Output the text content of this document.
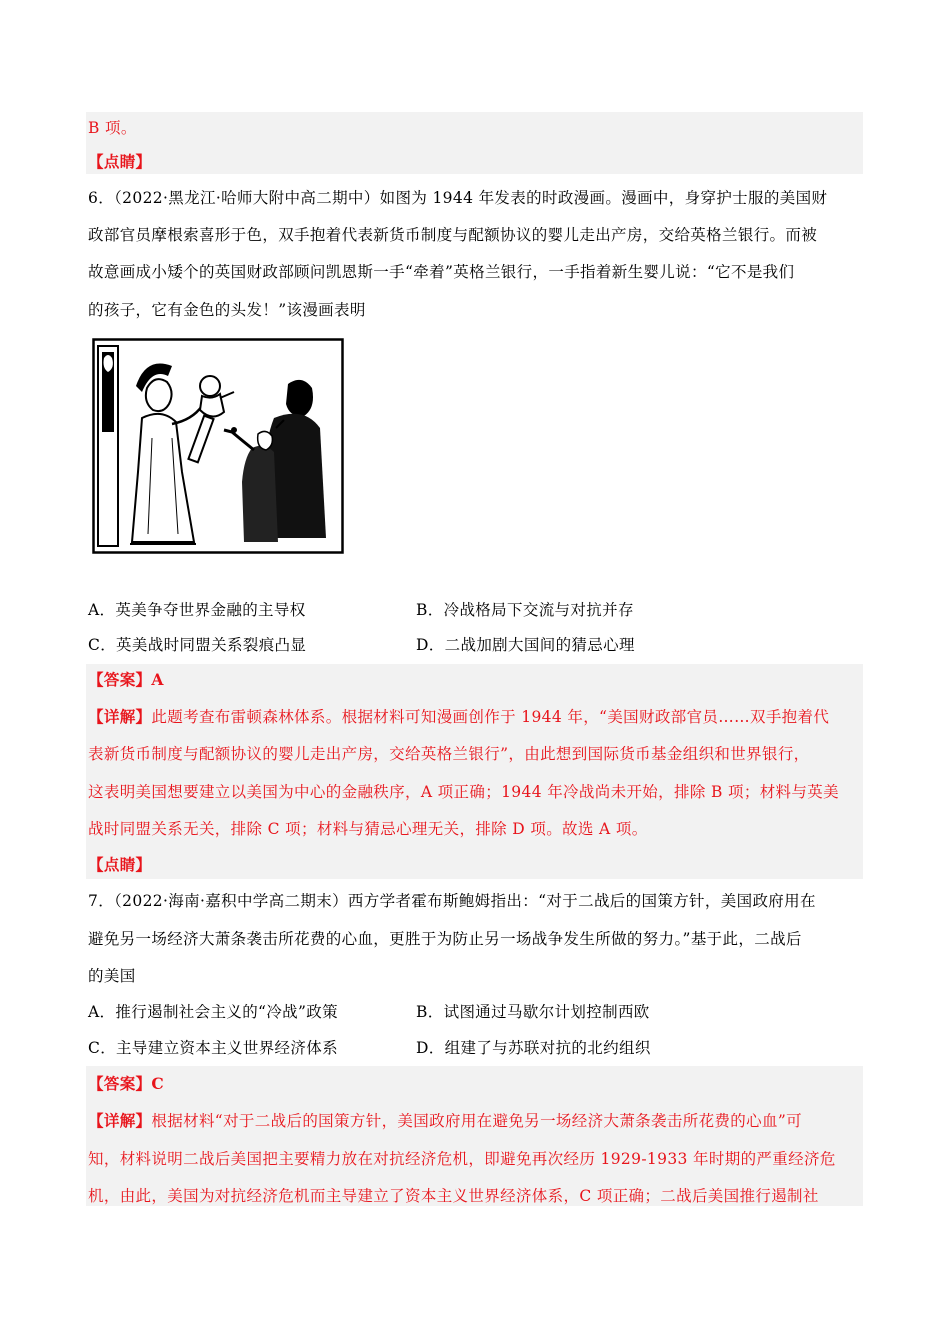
B 项。
【点睛】
6．（2022·黑龙江·哈师大附中高二期中）如图为 1944 年发表的时政漫画。漫画中，身穿护士服的美国财
政部官员摩根索喜形于色，双手抱着代表新货币制度与配额协议的婴儿走出产房，交给英格兰银行。而被
故意画成小矮个的英国财政部顾问凯恩斯一手“牵着”英格兰银行，一手指着新生婴儿说：“它不是我们
的孩子，它有金色的头发！”该漫画表明
A．英美争夺世界金融的主导权	B．冷战格局下交流与对抗并存
C．英美战时同盟关系裂痕凸显	D．二战加剧大国间的猜忌心理
【答案】A
【详解】此题考查布雷顿森林体系。根据材料可知漫画创作于 1944 年，“美国财政部官员……双手抱着代
表新货币制度与配额协议的婴儿走出产房，交给英格兰银行”，由此想到国际货币基金组织和世界银行，
这表明美国想要建立以美国为中心的金融秩序，A 项正确；1944 年冷战尚未开始，排除 B 项；材料与英美
战时同盟关系无关，排除 C 项；材料与猜忌心理无关，排除 D 项。故选 A 项。
【点睛】
7．（2022·海南·嘉积中学高二期末）西方学者霍布斯鲍姆指出：“对于二战后的国策方针，美国政府用在
避免另一场经济大萧条袭击所花费的心血，更胜于为防止另一场战争发生所做的努力。”基于此，二战后
的美国
A．推行遏制社会主义的“冷战”政策	B．试图通过马歇尔计划控制西欧
C．主导建立资本主义世界经济体系	D．组建了与苏联对抗的北约组织
【答案】C
【详解】根据材料“对于二战后的国策方针，美国政府用在避免另一场经济大萧条袭击所花费的心血”可
知，材料说明二战后美国把主要精力放在对抗经济危机，即避免再次经历 1929-1933 年时期的严重经济危
机，由此，美国为对抗经济危机而主导建立了资本主义世界经济体系，C 项正确；二战后美国推行遏制社
